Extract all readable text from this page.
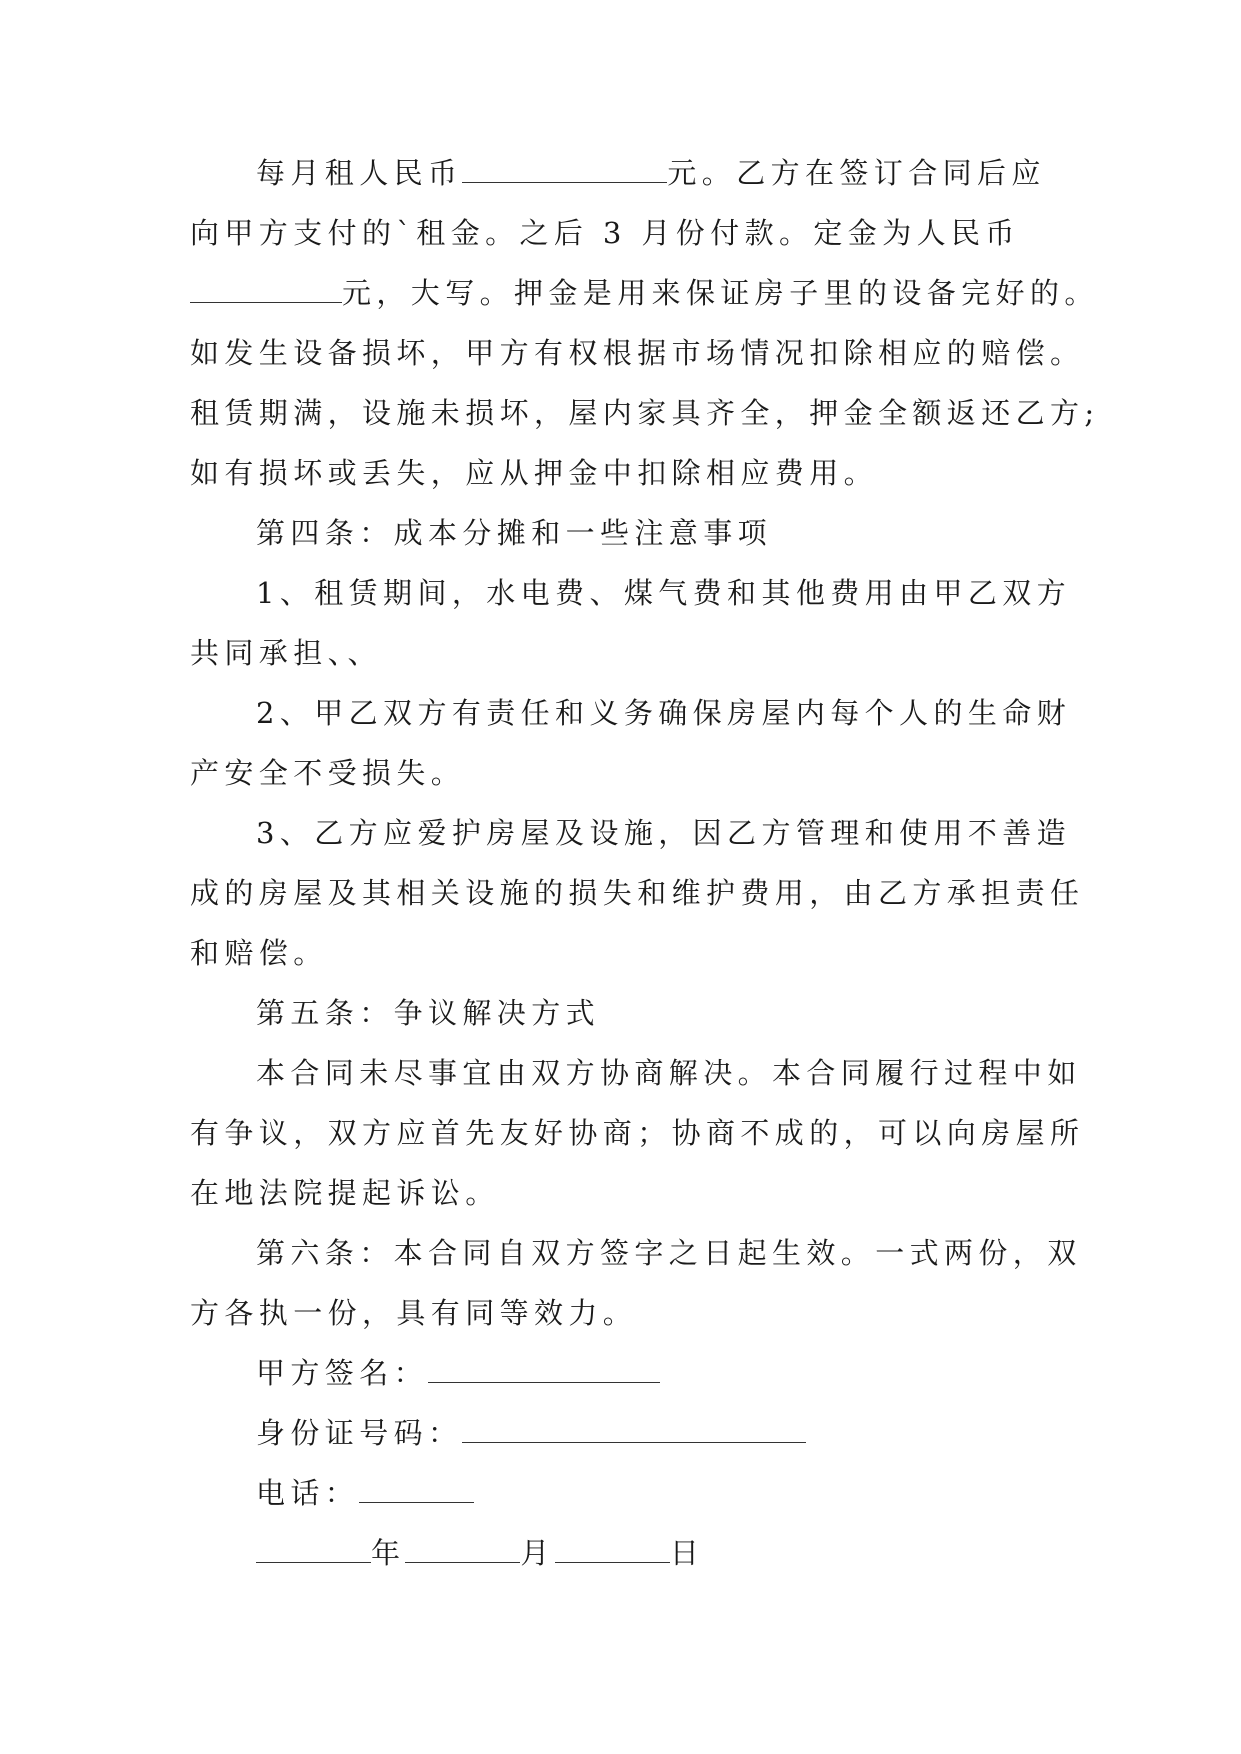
每月租人民币	元。乙方在签订合同后应
向甲方支付的`租金。之后 3 月份付款。定金为人民币
元，大写。押金是用来保证房子里的设备完好的。
如发生设备损坏，甲方有权根据市场情况扣除相应的赔偿。
租赁期满，设施未损坏，屋内家具齐全，押金全额返还乙方;
如有损坏或丢失，应从押金中扣除相应费用。
第四条：成本分摊和一些注意事项
1、租赁期间，水电费、煤气费和其他费用由甲乙双方
共同承担、、
2、甲乙双方有责任和义务确保房屋内每个人的生命财
产安全不受损失。
3、乙方应爱护房屋及设施，因乙方管理和使用不善造
成的房屋及其相关设施的损失和维护费用，由乙方承担责任
和赔偿。
第五条：争议解决方式
本合同未尽事宜由双方协商解决。本合同履行过程中如
有争议，双方应首先友好协商；协商不成的，可以向房屋所
在地法院提起诉讼。
第六条：本合同自双方签字之日起生效。一式两份，双
方各执一份，具有同等效力。
甲方签名：
身份证号码：
电话：
年	月	日
